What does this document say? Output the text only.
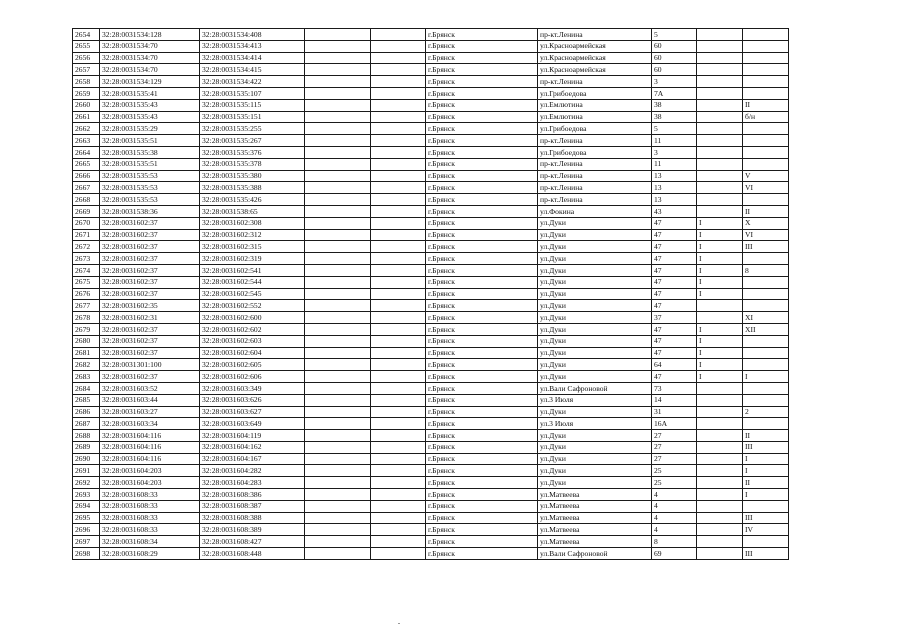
2654	32:28:0031534:128	32:28:0031534:408			г.Брянск	пр-кт.Ленина	5		
2655	32:28:0031534:70	32:28:0031534:413			г.Брянск	ул.Красноармейская	60		
2656	32:28:0031534:70	32:28:0031534:414			г.Брянск	ул.Красноармейская	60		
2657	32:28:0031534:70	32:28:0031534:415			г.Брянск	ул.Красноармейская	60		
2658	32:28:0031534:129	32:28:0031534:422			г.Брянск	пр-кт.Ленина	3		
2659	32:28:0031535:41	32:28:0031535:107			г.Брянск	ул.Грибоедова	7А		
2660	32:28:0031535:43	32:28:0031535:115			г.Брянск	ул.Емлютина	38		II
2661	32:28:0031535:43	32:28:0031535:151			г.Брянск	ул.Емлютина	38		б/н
2662	32:28:0031535:29	32:28:0031535:255			г.Брянск	ул.Грибоедова	5		
2663	32:28:0031535:51	32:28:0031535:267			г.Брянск	пр-кт.Ленина	11		
2664	32:28:0031535:38	32:28:0031535:376			г.Брянск	ул.Грибоедова	3		
2665	32:28:0031535:51	32:28:0031535:378			г.Брянск	пр-кт.Ленина	11		
2666	32:28:0031535:53	32:28:0031535:380			г.Брянск	пр-кт.Ленина	13		V
2667	32:28:0031535:53	32:28:0031535:388			г.Брянск	пр-кт.Ленина	13		VI
2668	32:28:0031535:53	32:28:0031535:426			г.Брянск	пр-кт.Ленина	13		
2669	32:28:0031538:36	32:28:0031538:65			г.Брянск	ул.Фокина	43		II
2670	32:28:0031602:37	32:28:0031602:308			г.Брянск	ул.Дуки	47	I	X
2671	32:28:0031602:37	32:28:0031602:312			г.Брянск	ул.Дуки	47	I	VI
2672	32:28:0031602:37	32:28:0031602:315			г.Брянск	ул.Дуки	47	I	III
2673	32:28:0031602:37	32:28:0031602:319			г.Брянск	ул.Дуки	47	I	
2674	32:28:0031602:37	32:28:0031602:541			г.Брянск	ул.Дуки	47	I	8
2675	32:28:0031602:37	32:28:0031602:544			г.Брянск	ул.Дуки	47	I	
2676	32:28:0031602:37	32:28:0031602:545			г.Брянск	ул.Дуки	47	I	
2677	32:28:0031602:35	32:28:0031602:552			г.Брянск	ул.Дуки	47		
2678	32:28:0031602:31	32:28:0031602:600			г.Брянск	ул.Дуки	37		XI
2679	32:28:0031602:37	32:28:0031602:602			г.Брянск	ул.Дуки	47	I	XII
2680	32:28:0031602:37	32:28:0031602:603			г.Брянск	ул.Дуки	47	I	
2681	32:28:0031602:37	32:28:0031602:604			г.Брянск	ул.Дуки	47	I	
2682	32:28:0031301:100	32:28:0031602:605			г.Брянск	ул.Дуки	64	I	
2683	32:28:0031602:37	32:28:0031602:606			г.Брянск	ул.Дуки	47	I	I
2684	32:28:0031603:52	32:28:0031603:349			г.Брянск	ул.Вали Сафроновой	73		
2685	32:28:0031603:44	32:28:0031603:626			г.Брянск	ул.3 Июля	14		
2686	32:28:0031603:27	32:28:0031603:627			г.Брянск	ул.Дуки	31		2
2687	32:28:0031603:34	32:28:0031603:649			г.Брянск	ул.3 Июля	16А		
2688	32:28:0031604:116	32:28:0031604:119			г.Брянск	ул.Дуки	27		II
2689	32:28:0031604:116	32:28:0031604:162			г.Брянск	ул.Дуки	27		III
2690	32:28:0031604:116	32:28:0031604:167			г.Брянск	ул.Дуки	27		I
2691	32:28:0031604:203	32:28:0031604:282			г.Брянск	ул.Дуки	25		I
2692	32:28:0031604:203	32:28:0031604:283			г.Брянск	ул.Дуки	25		II
2693	32:28:0031608:33	32:28:0031608:386			г.Брянск	ул.Матвеева	4		I
2694	32:28:0031608:33	32:28:0031608:387			г.Брянск	ул.Матвеева	4		
2695	32:28:0031608:33	32:28:0031608:388			г.Брянск	ул.Матвеева	4		III
2696	32:28:0031608:33	32:28:0031608:389			г.Брянск	ул.Матвеева	4		IV
2697	32:28:0031608:34	32:28:0031608:427			г.Брянск	ул.Матвеева	8		
2698	32:28:0031608:29	32:28:0031608:448			г.Брянск	ул.Вали Сафроновой	69		III
